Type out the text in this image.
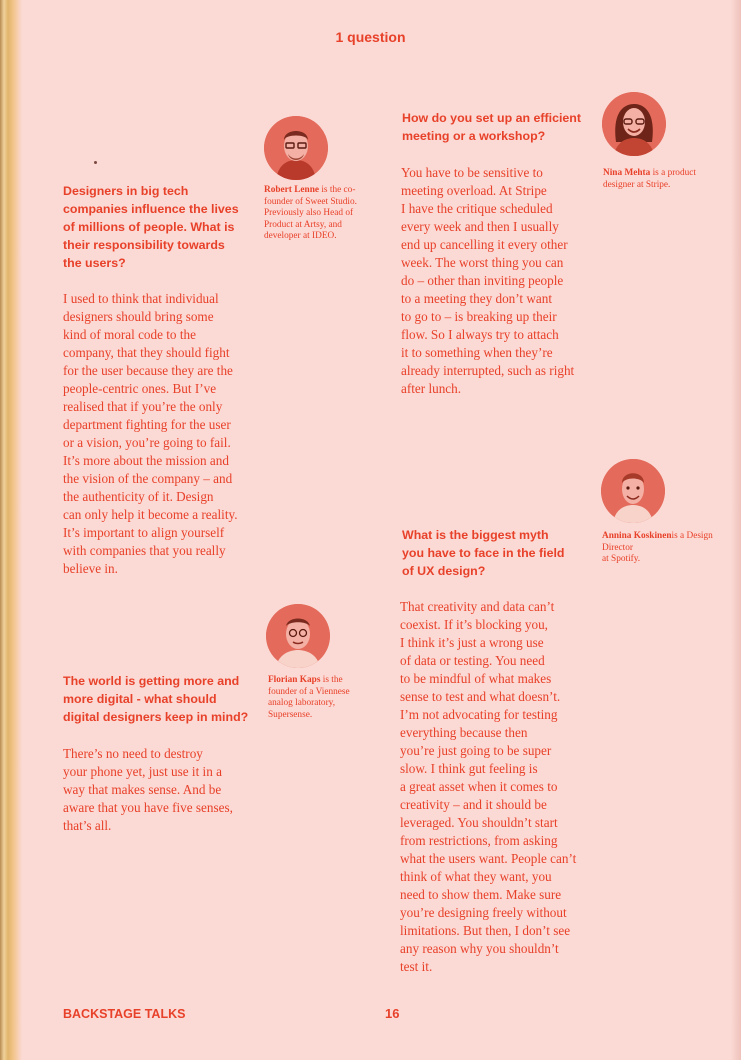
1 question
Designers in big tech
companies influence the lives
of millions of people. What is
their responsibility towards
the users?
I used to think that individual
designers should bring some
kind of moral code to the
company, that they should fight
for the user because they are the
people-centric ones. But I’ve
realised that if you’re the only
department fighting for the user
or a vision, you’re going to fail.
It’s more about the mission and
the vision of the company – and
the authenticity of it. Design
can only help it become a reality.
It’s important to align yourself
with companies that you really
believe in.
Robert Lenne is the co-
founder of Sweet Studio.
Previously also Head of
Product at Artsy, and
developer at IDEO.
How do you set up an efficient
meeting or a workshop?
You have to be sensitive to
meeting overload. At Stripe
I have the critique scheduled
every week and then I usually
end up cancelling it every other
week. The worst thing you can
do – other than inviting people
to a meeting they don’t want
to go to – is breaking up their
flow. So I always try to attach
it to something when they’re
already interrupted, such as right
after lunch.
Nina Mehta is a product
designer at Stripe.
The world is getting more and
more digital - what should
digital designers keep in mind?
There’s no need to destroy
your phone yet, just use it in a
way that makes sense. And be
aware that you have five senses,
that’s all.
Florian Kaps is the
founder of a Viennese
analog laboratory,
Supersense.
What is the biggest myth
you have to face in the field
of UX design?
That creativity and data can’t
coexist. If it’s blocking you,
I think it’s just a wrong use
of data or testing. You need
to be mindful of what makes
sense to test and what doesn’t.
I’m not advocating for testing
everything because then
you’re just going to be super
slow. I think gut feeling is
a great asset when it comes to
creativity – and it should be
leveraged. You shouldn’t start
from restrictions, from asking
what the users want. People can’t
think of what they want, you
need to show them. Make sure
you’re designing freely without
limitations. But then, I don’t see
any reason why you shouldn’t
test it.
Annina Koskinenis a Design Director
at Spotify.
BACKSTAGE TALKS	16
